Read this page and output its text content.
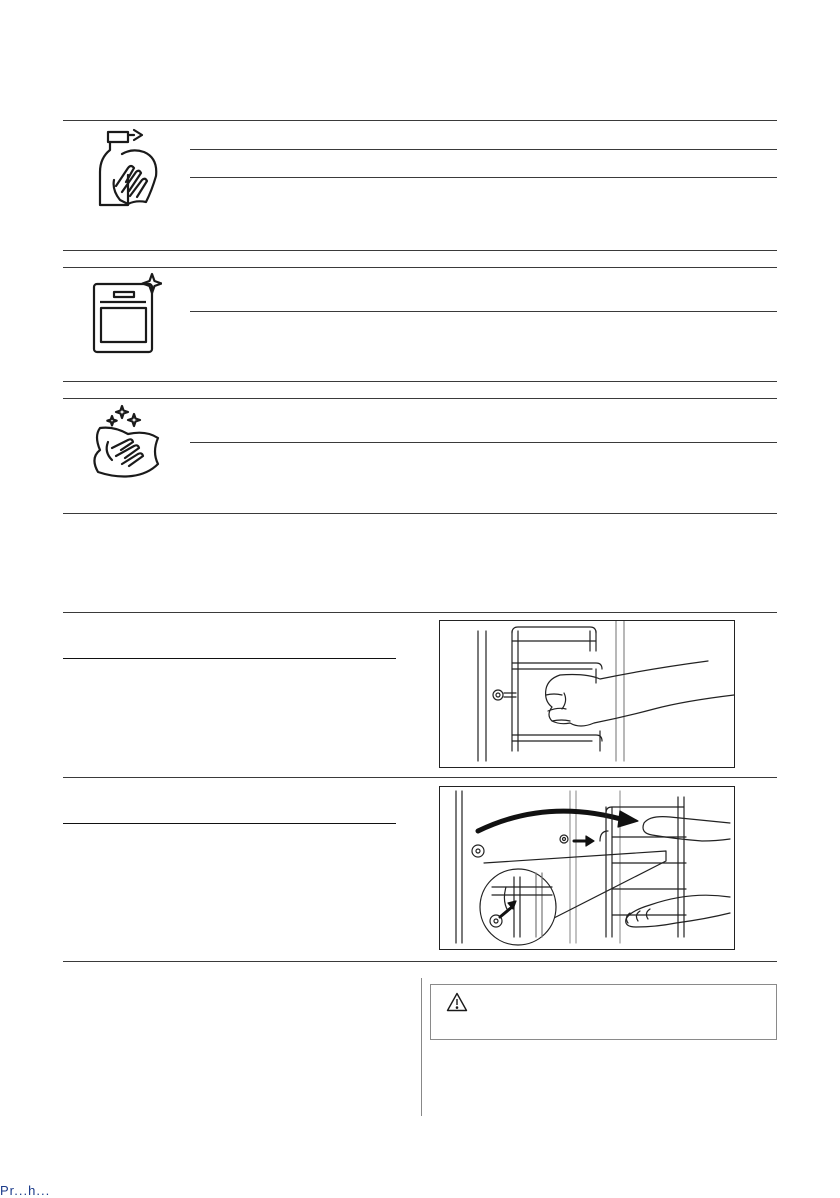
Pr...h...
